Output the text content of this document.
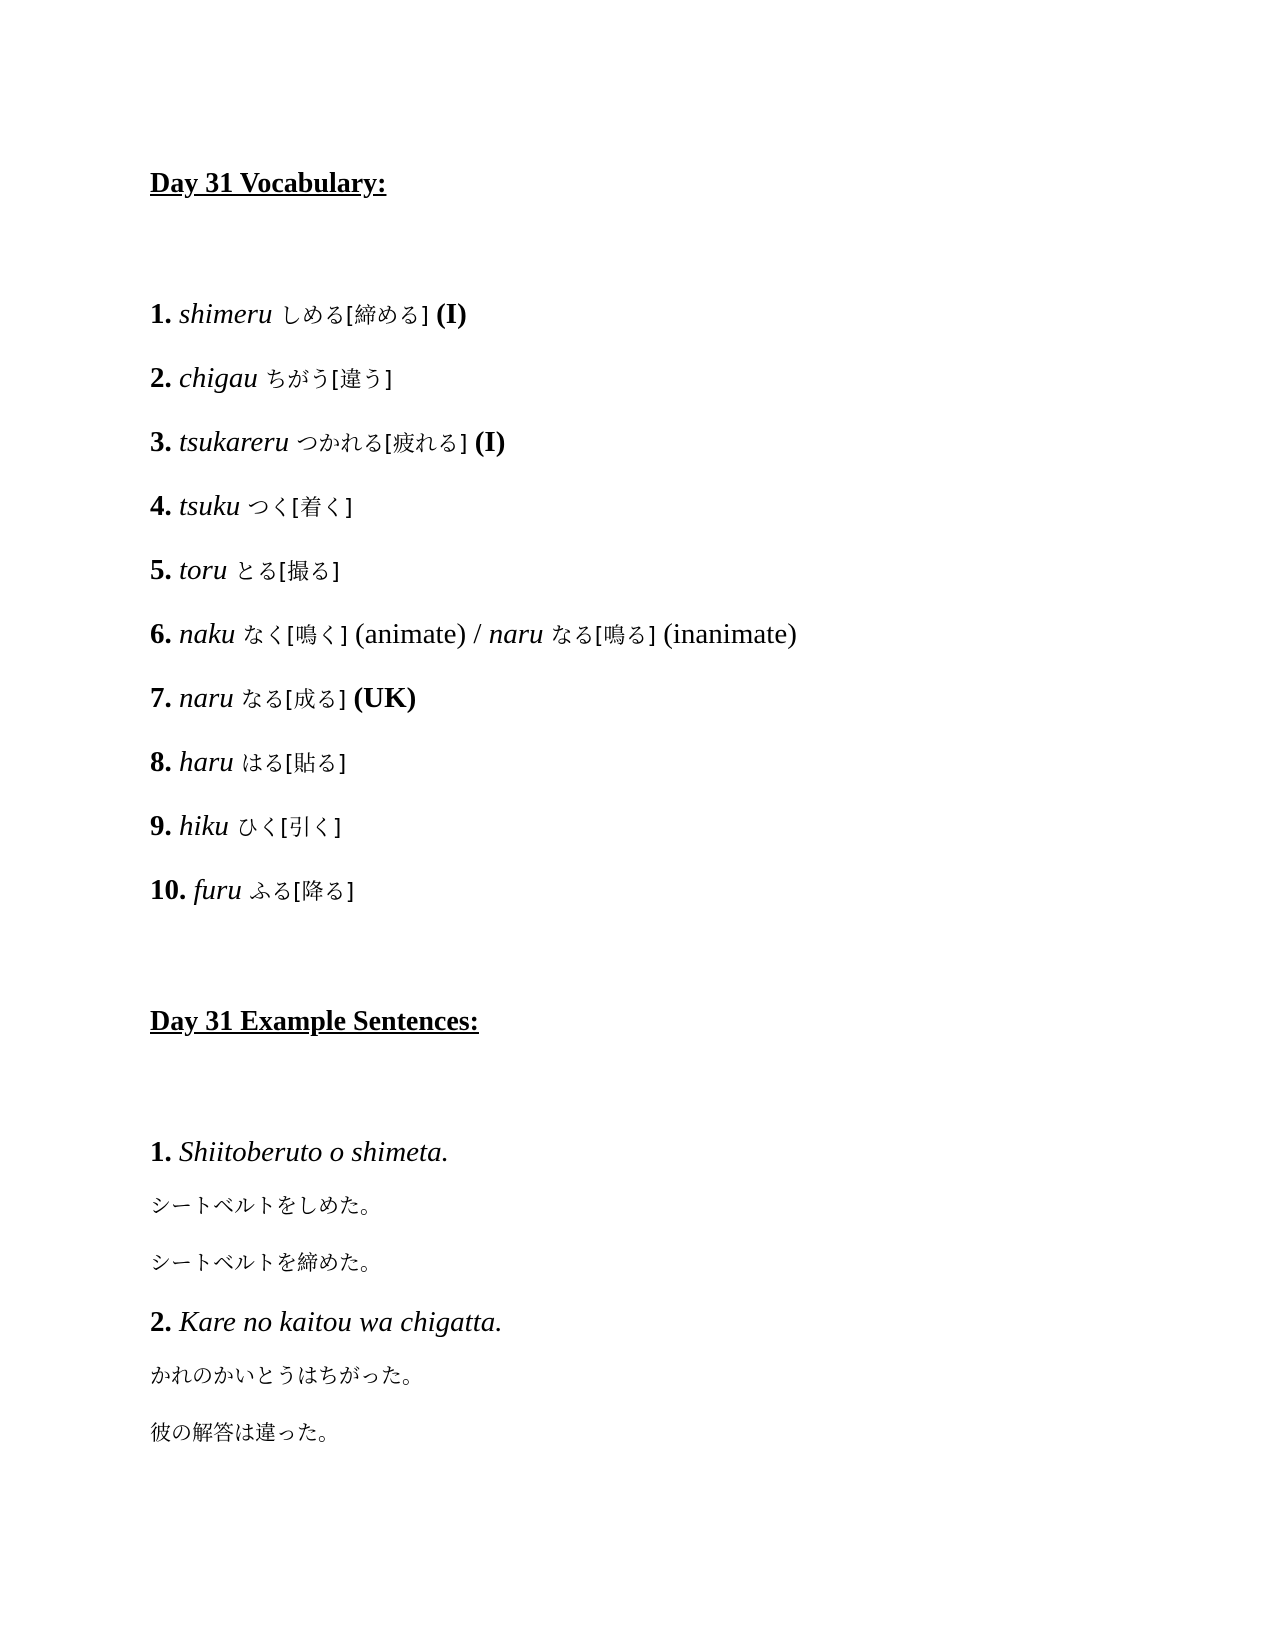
Day 31 Vocabulary:
1. shimeru しめる[締める] (I)
2. chigau ちがう[違う]
3. tsukareru つかれる[疲れる] (I)
4. tsuku つく[着く]
5. toru とる[撮る]
6. naku なく[鳴く] (animate) / naru なる[鳴る] (inanimate)
7. naru なる[成る] (UK)
8. haru はる[貼る]
9. hiku ひく[引く]
10. furu ふる[降る]
Day 31 Example Sentences:
1. Shiitoberuto o shimeta.
シートベルトをしめた。
シートベルトを締めた。
2. Kare no kaitou wa chigatta.
かれのかいとうはちがった。
彼の解答は違った。
